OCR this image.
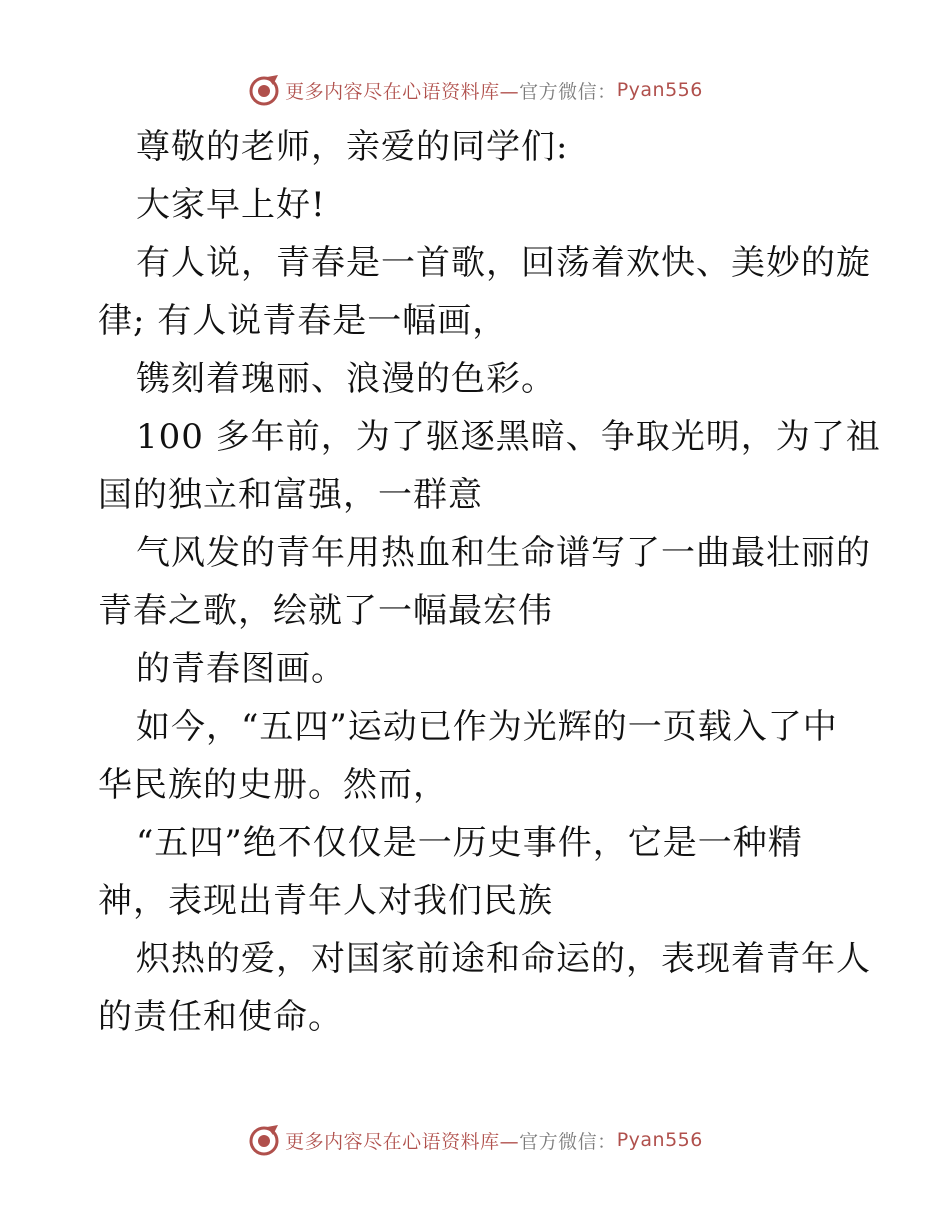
更多内容尽在心语资料库— 官方微信： Pyan556
尊敬的老师，亲爱的同学们:
大家早上好!
有人说，青春是一首歌，回荡着欢快、美妙的旋
律; 有人说青春是一幅画，
镌刻着瑰丽、浪漫的色彩。
100 多年前，为了驱逐黑暗、争取光明，为了祖
国的独立和富强，一群意
气风发的青年用热血和生命谱写了一曲最壮丽的
青春之歌，绘就了一幅最宏伟
的青春图画。
如今，“五四”运动已作为光辉的一页载入了中
华民族的史册。然而，
“五四”绝不仅仅是一历史事件，它是一种精
神，表现出青年人对我们民族
炽热的爱，对国家前途和命运的，表现着青年人
的责任和使命。
更多内容尽在心语资料库— 官方微信： Pyan556
